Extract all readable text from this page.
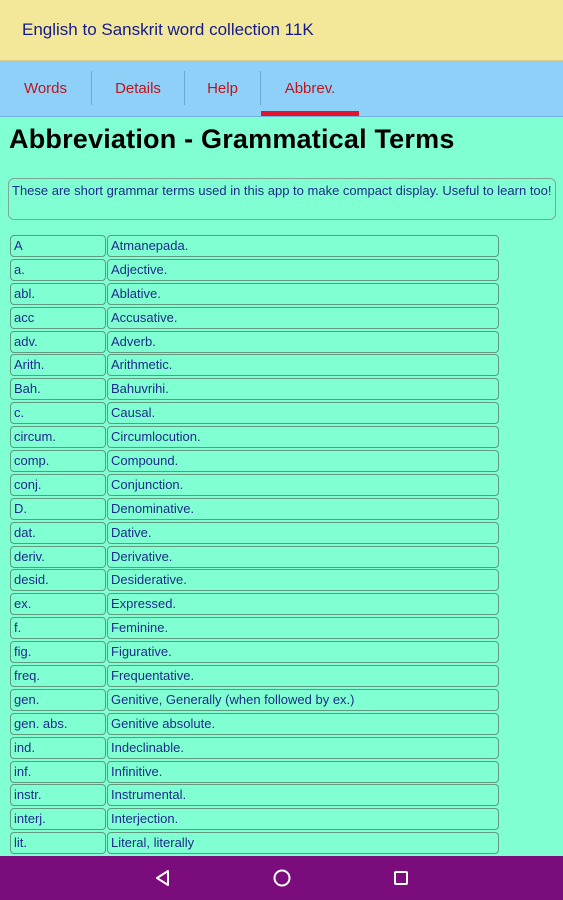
English to Sanskrit word collection 11K
Words	Details	Help	Abbrev.
Abbreviation - Grammatical Terms
These are short grammar terms used in this app to make compact display. Useful to learn too!
A	Atmanepada.
a.	Adjective.
abl.	Ablative.
acc	Accusative.
adv.	Adverb.
Arith.	Arithmetic.
Bah.	Bahuvrihi.
c.	Causal.
circum.	Circumlocution.
comp.	Compound.
conj.	Conjunction.
D.	Denominative.
dat.	Dative.
deriv.	Derivative.
desid.	Desiderative.
ex.	Expressed.
f.	Feminine.
fig.	Figurative.
freq.	Frequentative.
gen.	Genitive, Generally (when followed by ex.)
gen. abs.	Genitive absolute.
ind.	Indeclinable.
inf.	Infinitive.
instr.	Instrumental.
interj.	Interjection.
lit.	Literal, literally
